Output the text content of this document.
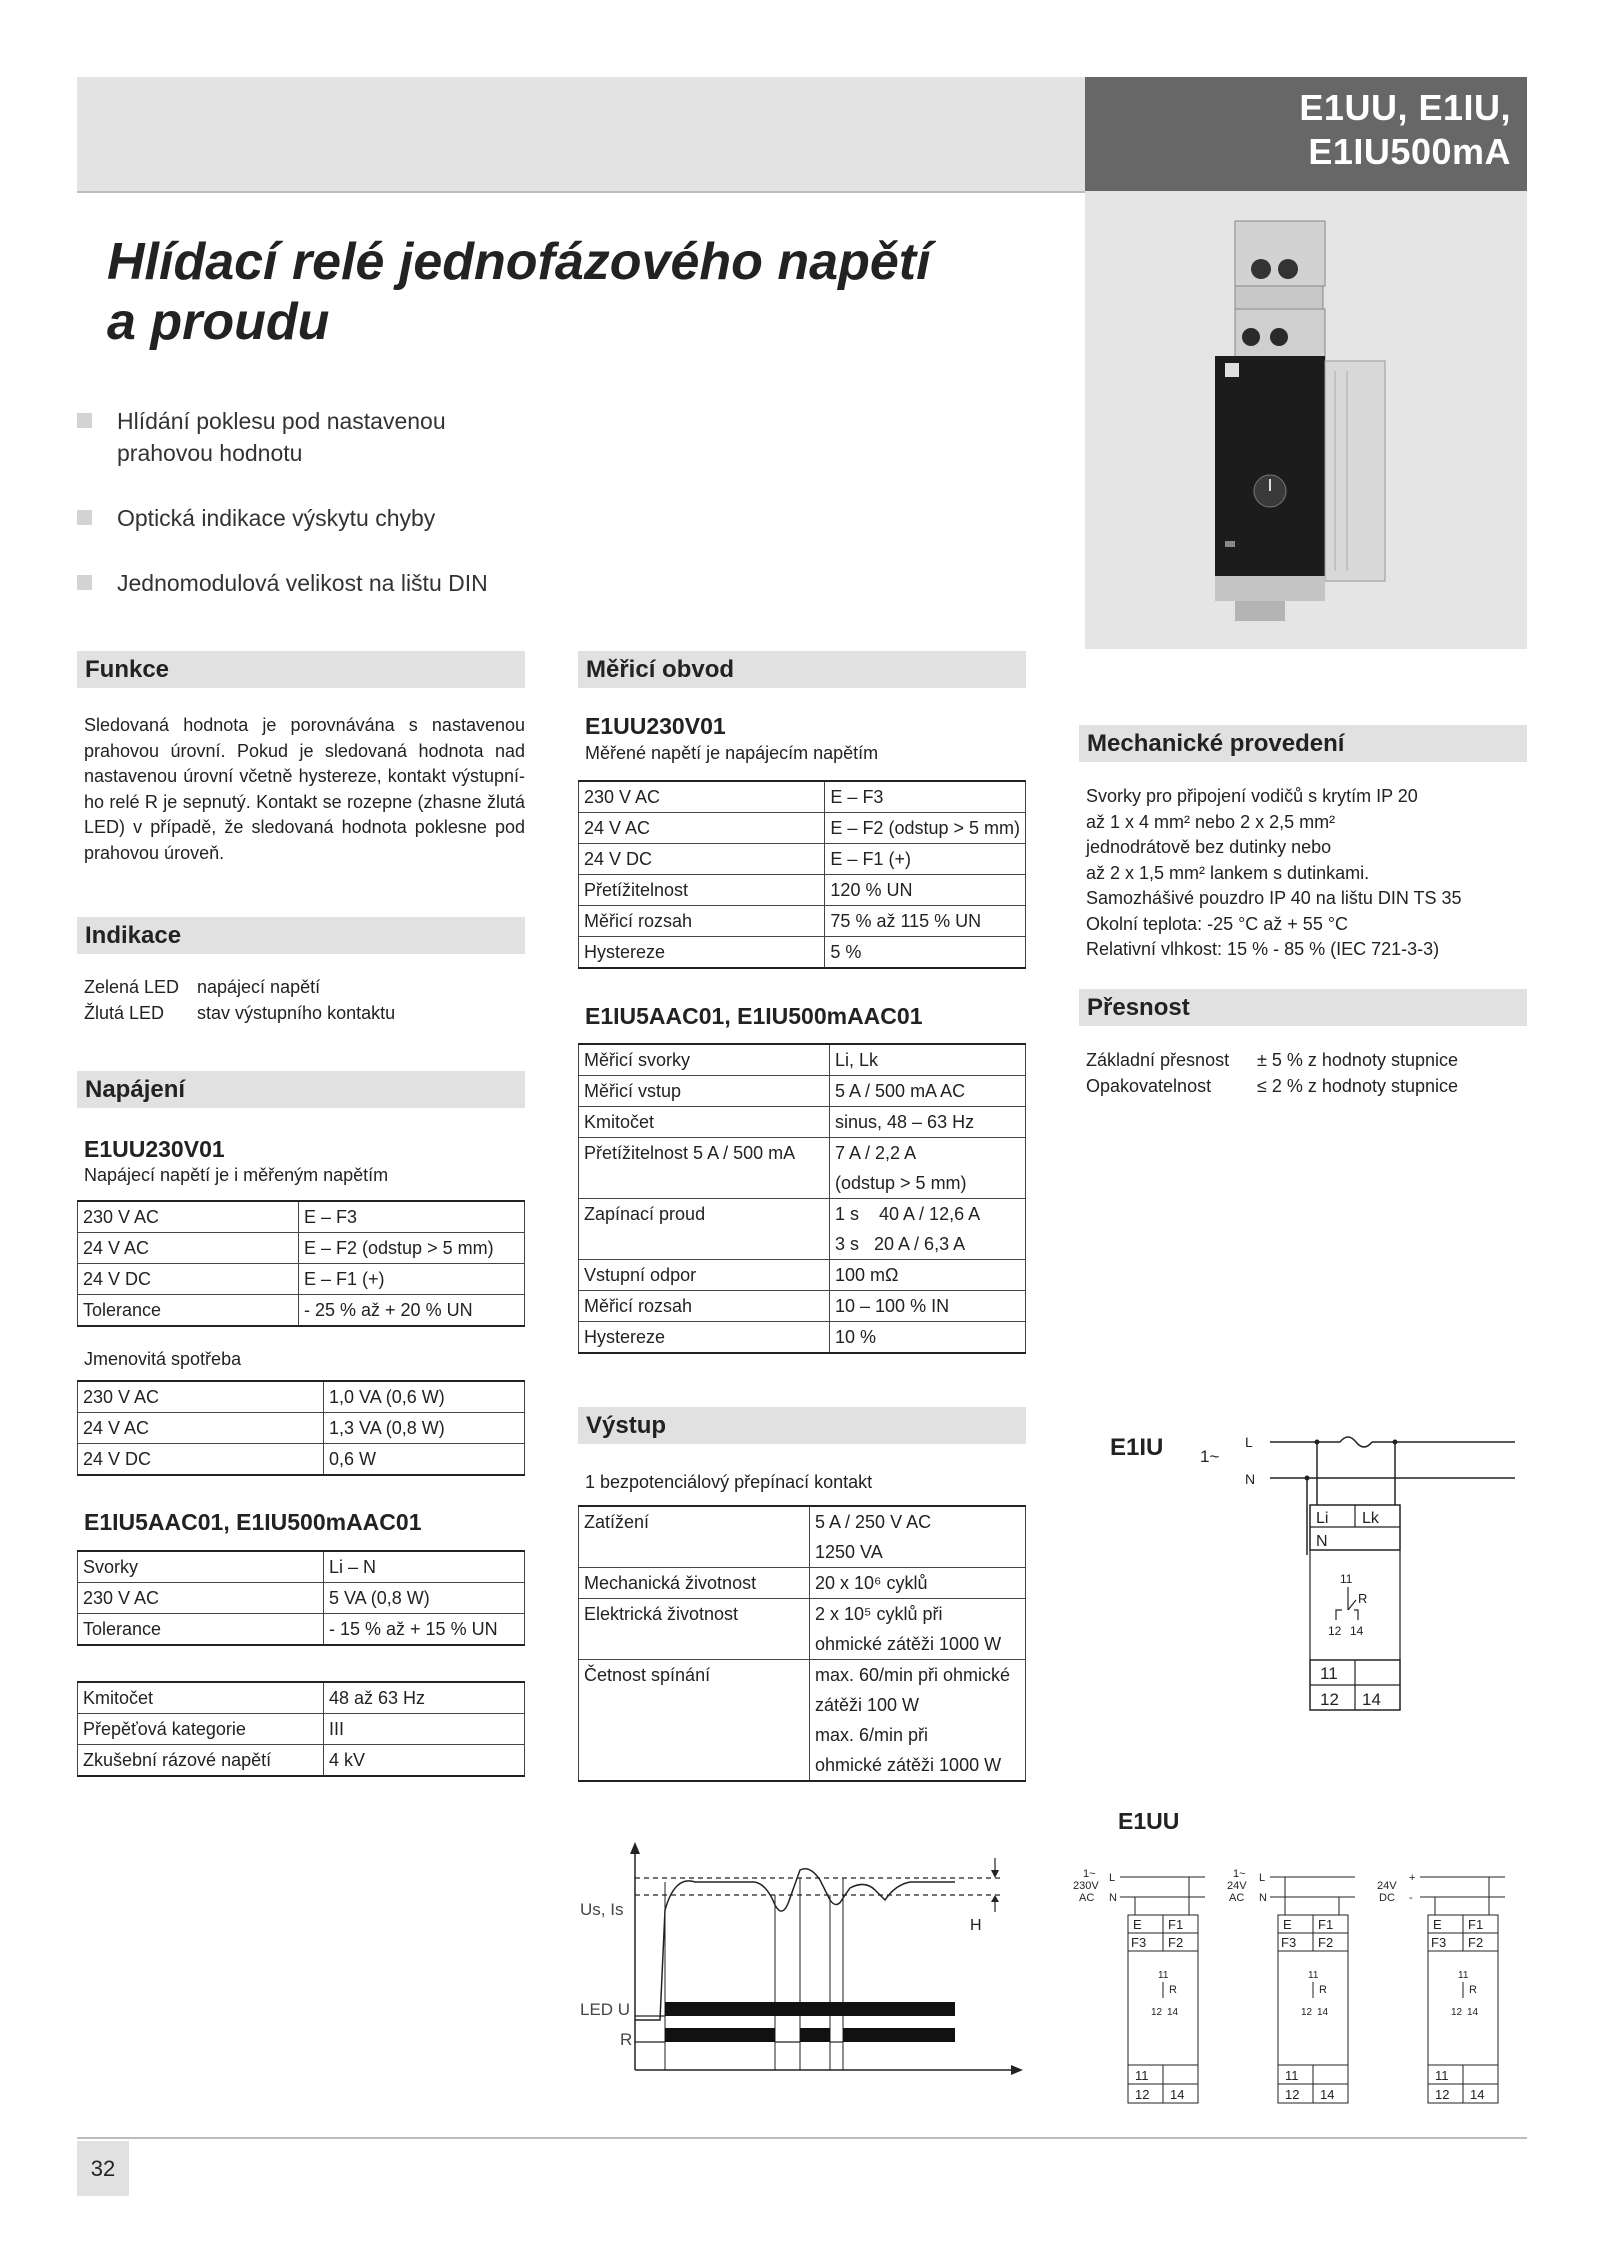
E1UU, E1IU,
E1IU500mA
Hlídací relé jednofázového napětí
a proudu
Hlídání poklesu pod nastavenou
prahovou hodnotu
Optická indikace výskytu chyby
Jednomodulová velikost na lištu DIN
Funkce
Sledovaná hodnota je porovnávána s nastavenou
prahovou úrovní. Pokud je sledovaná hodnota nad
nastavenou úrovní včetně hystereze, kontakt výstupní-
ho relé R je sepnutý. Kontakt se rozepne (zhasne žlutá
LED) v případě, že sledovaná hodnota poklesne pod
prahovou úroveň.
Indikace
Zelená LED napájecí napětí
Žlutá LED stav výstupního kontaktu
Napájení
E1UU230V01
Napájecí napětí je i měřeným napětím
230 V AC	E – F3
24 V AC	E – F2 (odstup > 5 mm)
24 V DC	E – F1 (+)
Tolerance	- 25 % až + 20 % UN
Jmenovitá spotřeba
230 V AC	1,0 VA (0,6 W)
24 V AC	1,3 VA (0,8 W)
24 V DC	0,6 W
E1IU5AAC01, E1IU500mAAC01
Svorky	Li – N
230 V AC	5 VA (0,8 W)
Tolerance	- 15 % až + 15 % UN
Kmitočet	48 až 63 Hz
Přepěťová kategorie	III
Zkušební rázové napětí	4 kV
Měřicí obvod
E1UU230V01
Měřené napětí je napájecím napětím
230 V AC	E – F3
24 V AC	E – F2 (odstup > 5 mm)
24 V DC	E – F1 (+)
Přetížitelnost	120 % UN
Měřicí rozsah	75 % až 115 % UN
Hystereze	5 %
E1IU5AAC01, E1IU500mAAC01
Měřicí svorky	Li, Lk
Měřicí vstup	5 A / 500 mA AC
Kmitočet	sinus, 48 – 63 Hz
Přetížitelnost 5 A / 500 mA	7 A / 2,2 A
(odstup > 5 mm)

Zapínací proud	1 s    40 A / 12,6 A
3 s   20 A / 6,3 A

Vstupní odpor	100 mΩ
Měřicí rozsah	10 – 100 % IN
Hystereze	10 %
Výstup
1 bezpotenciálový přepínací kontakt
Zatížení	5 A / 250 V AC
1250 VA

Mechanická životnost	20 x 10⁶ cyklů
Elektrická životnost	2 x 10⁵ cyklů při
ohmické zátěži 1000 W

Četnost spínání	max. 60/min při ohmické
zátěži 100 W
max. 6/min při
ohmické zátěži 1000 W
Mechanické provedení
Svorky pro připojení vodičů s krytím IP 20
až 1 x 4 mm² nebo 2 x 2,5 mm²
jednodrátově bez dutinky nebo
až 2 x 1,5 mm² lankem s dutinkami.
Samozhášivé pouzdro IP 40 na lištu DIN TS 35
Okolní teplota: -25 °C až + 55 °C
Relativní vlhkost: 15 % - 85 % (IEC 721-3-3)
Přesnost
Základní přesnost ± 5 % z hodnoty stupnice
Opakovatelnost	≤ 2 % z hodnoty stupnice
E1IU 1~
L
N
Li Lk
N
11
R
12 14
11
12 14
E1UU
Us, Is
H
LED U
R
1~
230V
AC
L
N
E F1
F3 F2
11
R
12 14
11
12 14
1~
24V
AC
L
N
E F1
F3 F2
11
R
12 14
11
12 14
24V
DC
+
-
E F1
F3 F2
11
R
12 14
11
12 14
32
